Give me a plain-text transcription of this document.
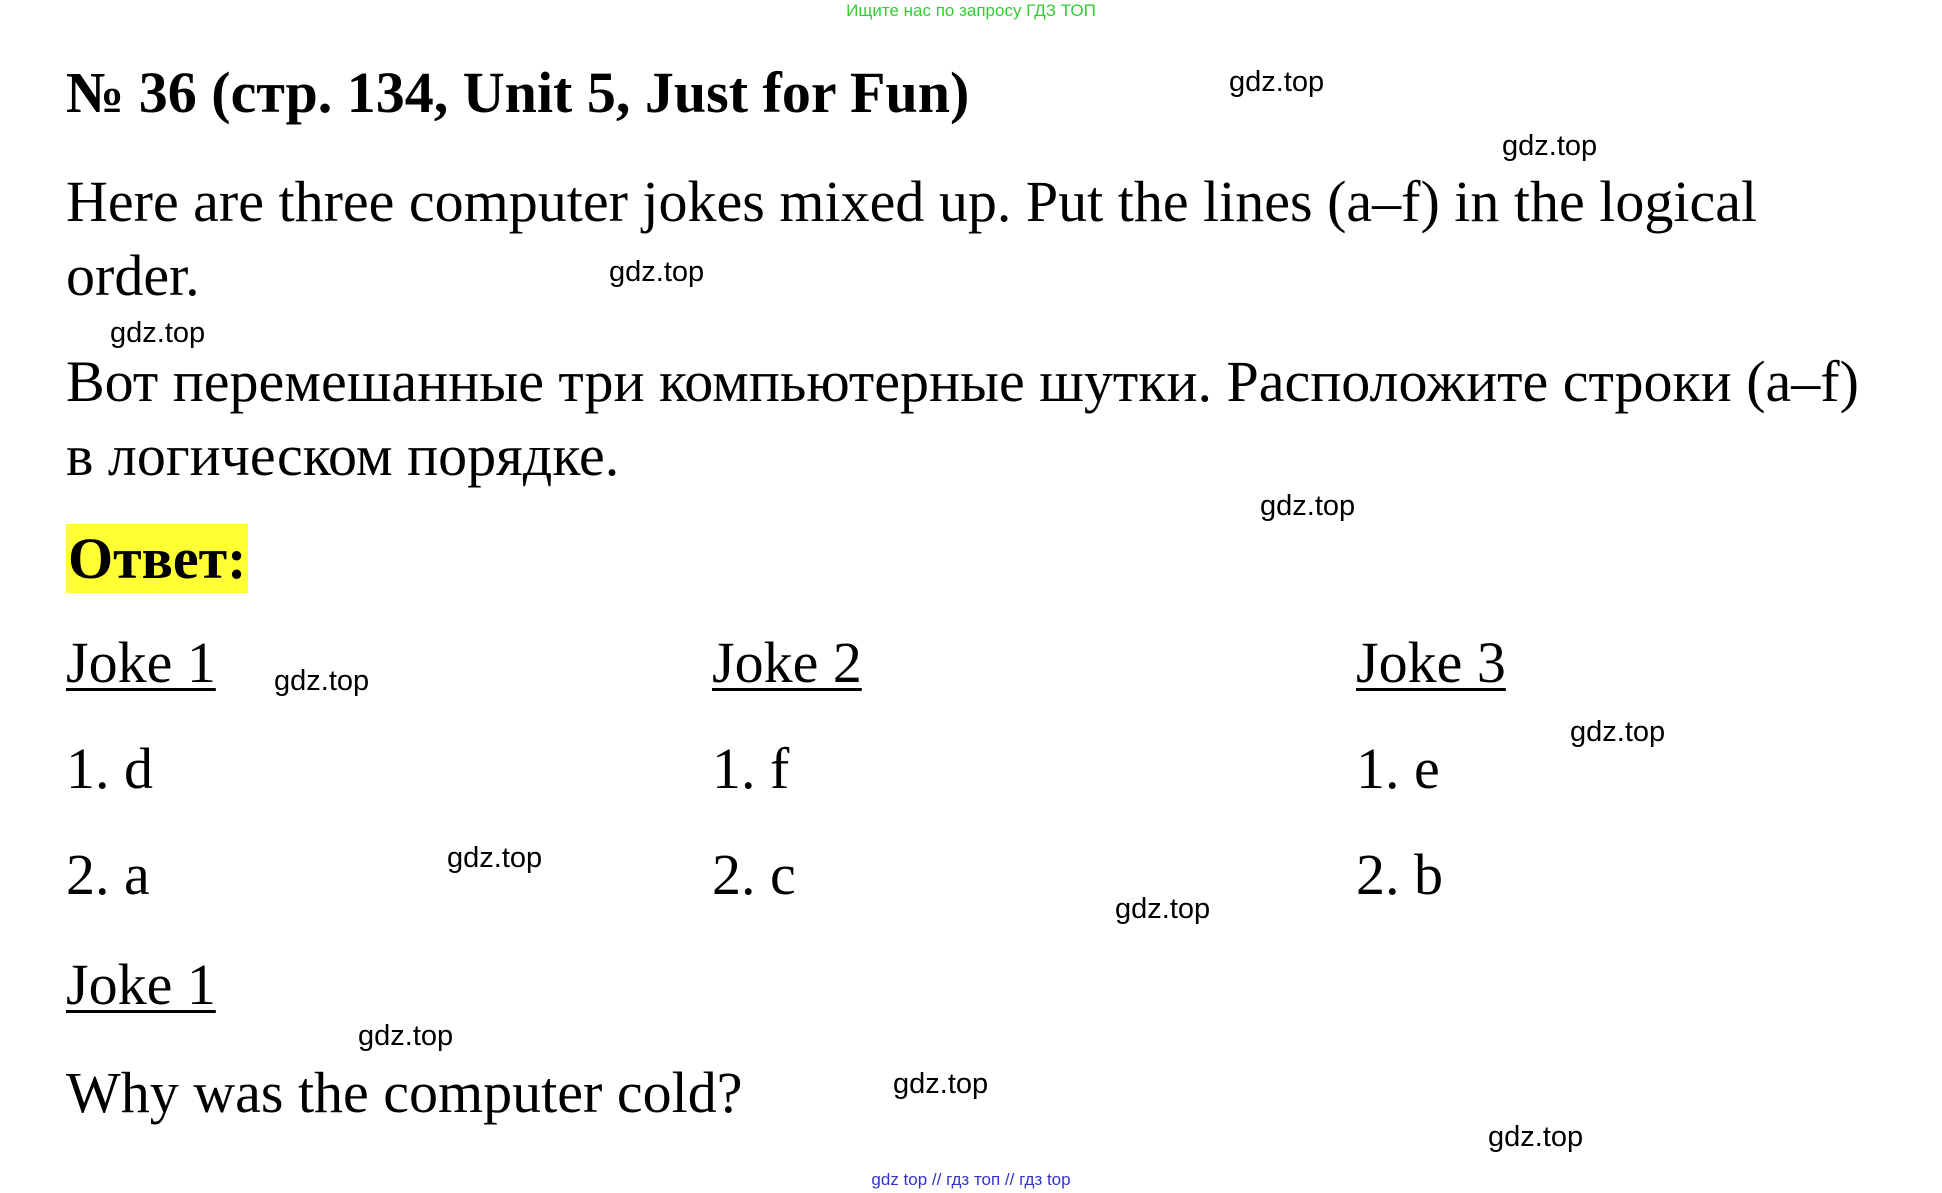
Ищите нас по запросу ГДЗ ТОП
№ 36 (стр. 134, Unit 5, Just for Fun)

Here are three computer jokes mixed up. Put the lines (a–f) in the logical order.

Вот перемешанные три компьютерные шутки. Расположите строки (a–f) в логическом порядке.

Ответ:
Joke 1
1. d
2. a
Joke 2
1. f
2. c
Joke 3
1. e
2. b
Joke 1

Why was the computer cold?

gdz.top
gdz.top
gdz.top
gdz.top
gdz.top
gdz.top
gdz.top
gdz.top
gdz.top
gdz.top
gdz.top
gdz.top
gdz top // гдз топ // гдз top
